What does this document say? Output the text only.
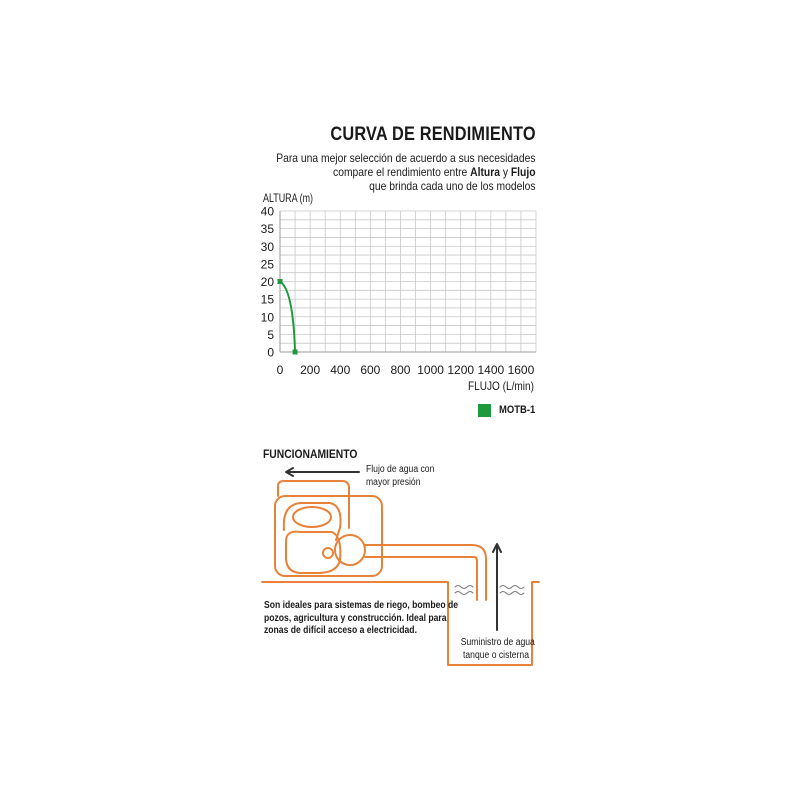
CURVA DE RENDIMIENTO
Para una mejor selección de acuerdo a sus necesidades
compare el rendimiento entre Altura y Flujo
que brinda cada uno de los modelos
0
5
10
15
20
25
30
35
40
0 200 400 600 800 1000 1200 1400 1600
ALTURA (m)
FLUJO (L/min)
MOTB-1
FUNCIONAMIENTO
Flujo de agua con
mayor presión
Son ideales para sistemas de riego, bombeo de
pozos, agricultura y construcción. Ideal para
zonas de difícil acceso a electricidad.
Suministro de agua
tanque o cisterna
